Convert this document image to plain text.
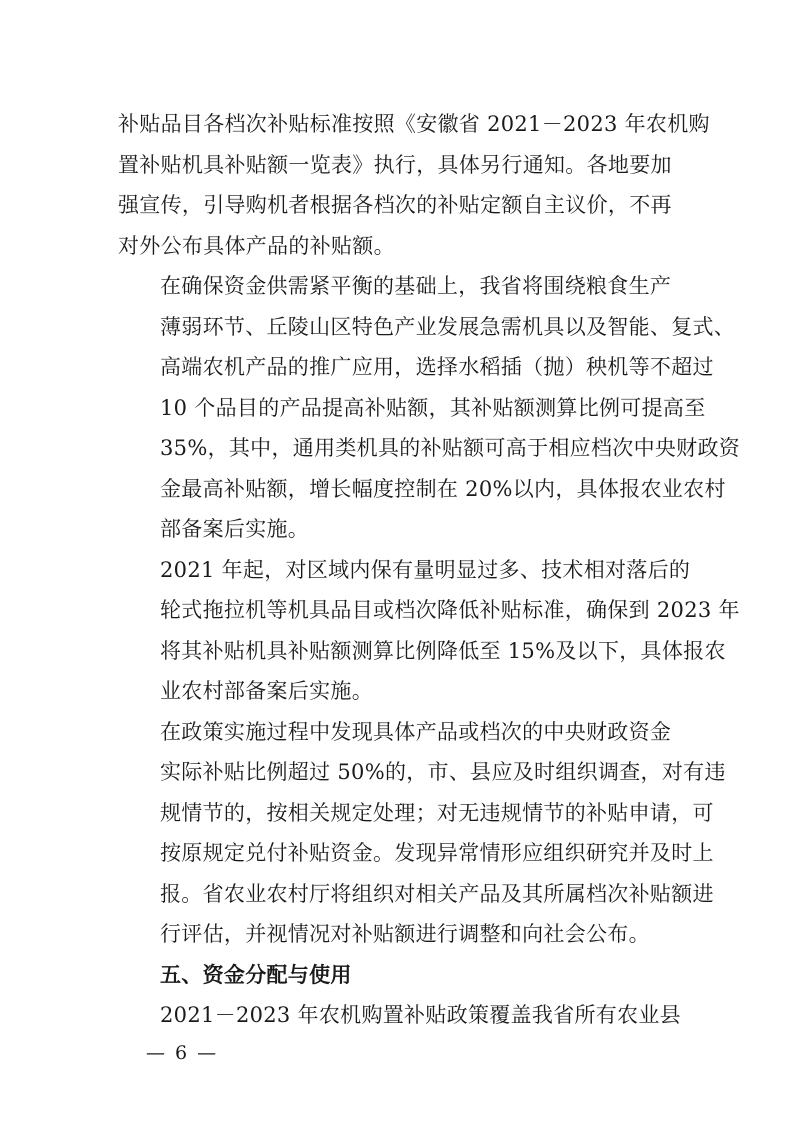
补贴品目各档次补贴标准按照《安徽省 2021－2023 年农机购
置补贴机具补贴额一览表》执行，具体另行通知。各地要加
强宣传，引导购机者根据各档次的补贴定额自主议价，不再
对外公布具体产品的补贴额。

在确保资金供需紧平衡的基础上，我省将围绕粮食生产
薄弱环节、丘陵山区特色产业发展急需机具以及智能、复式、
高端农机产品的推广应用，选择水稻插（抛）秧机等不超过
10 个品目的产品提高补贴额，其补贴额测算比例可提高至
35%，其中，通用类机具的补贴额可高于相应档次中央财政资
金最高补贴额，增长幅度控制在 20%以内，具体报农业农村
部备案后实施。

2021 年起，对区域内保有量明显过多、技术相对落后的
轮式拖拉机等机具品目或档次降低补贴标准，确保到 2023 年
将其补贴机具补贴额测算比例降低至 15%及以下，具体报农
业农村部备案后实施。

在政策实施过程中发现具体产品或档次的中央财政资金
实际补贴比例超过 50%的，市、县应及时组织调查，对有违
规情节的，按相关规定处理；对无违规情节的补贴申请，可
按原规定兑付补贴资金。发现异常情形应组织研究并及时上
报。省农业农村厅将组织对相关产品及其所属档次补贴额进
行评估，并视情况对补贴额进行调整和向社会公布。

五、资金分配与使用

2021－2023 年农机购置补贴政策覆盖我省所有农业县

— 6 —
